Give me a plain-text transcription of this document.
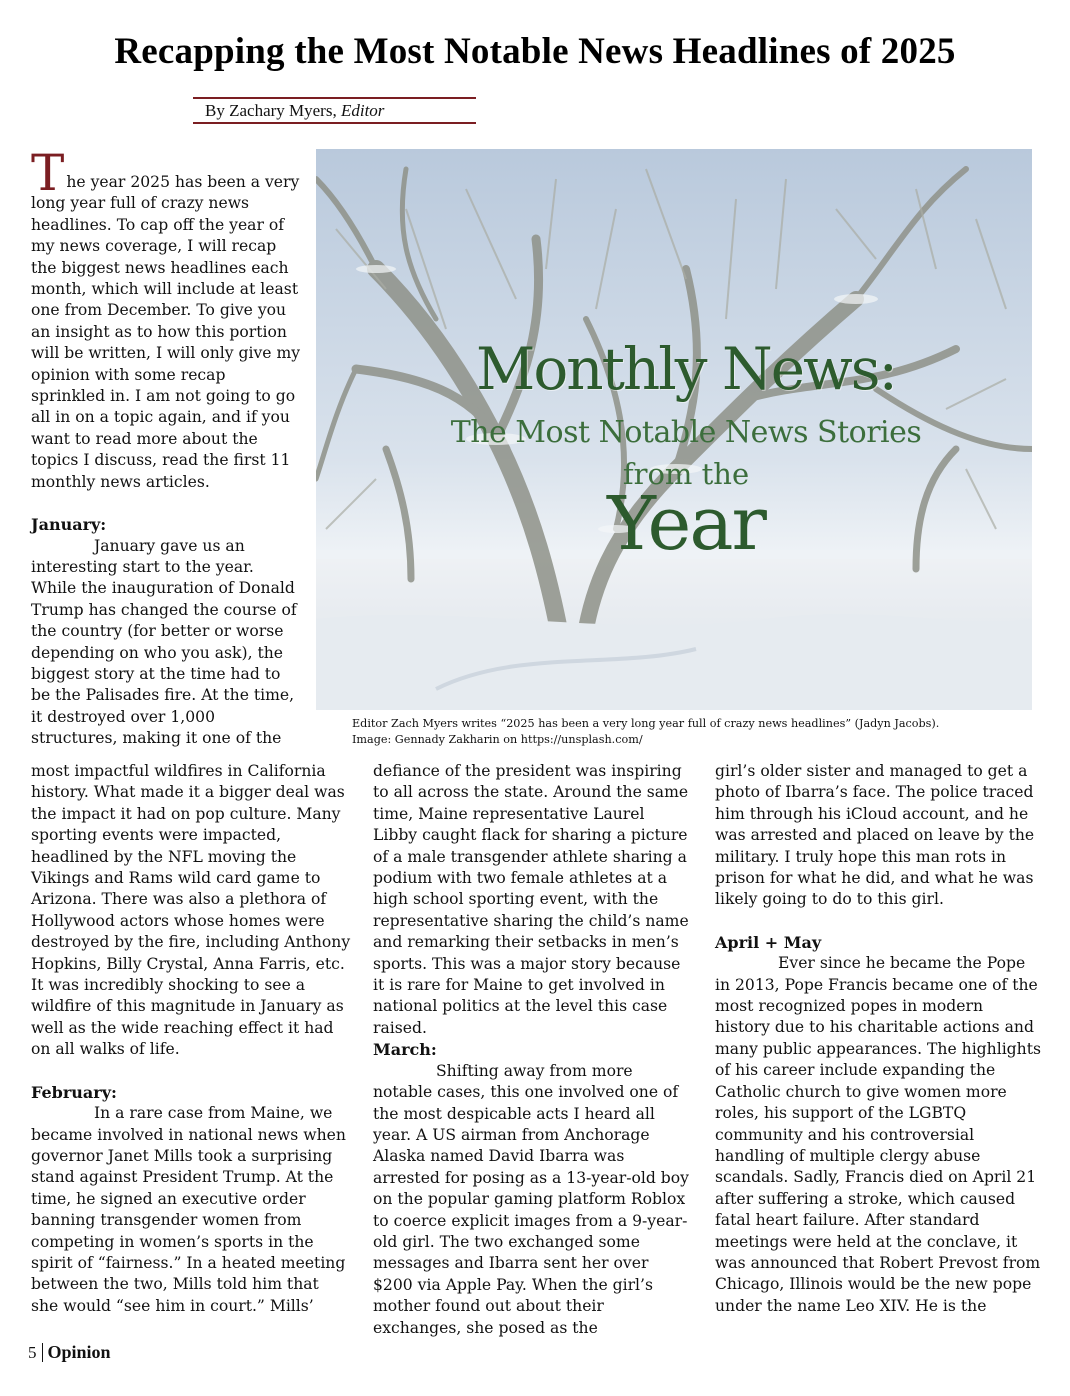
Recapping the Most Notable News Headlines of 2025
By Zachary Myers, Editor

The year 2025 has been a very long year full of crazy news headlines. To cap off the year of my news coverage, I will recap the biggest news headlines each month, which will include at least one from December. To give you an insight as to how this portion will be written, I will only give my opinion with some recap sprinkled in. I am not going to go all in on a topic again, and if you want to read more about the topics I discuss, read the first 11 monthly news articles.

January:

January gave us an interesting start to the year. While the inauguration of Donald Trump has changed the course of the country (for better or worse depending on who you ask), the biggest story at the time had to be the Palisades fire. At the time, it destroyed over 1,000 structures, making it one of the

Monthly News:
The Most Notable News Stories
from the
Year
Editor Zach Myers writes “2025 has been a very long year full of crazy news headlines” (Jadyn Jacobs).
Image: Gennady Zakharin on https://unsplash.com/

most impactful wildfires in California history. What made it a bigger deal was the impact it had on pop culture. Many sporting events were impacted, headlined by the NFL moving the Vikings and Rams wild card game to Arizona. There was also a plethora of Hollywood actors whose homes were destroyed by the fire, including Anthony Hopkins, Billy Crystal, Anna Farris, etc. It was incredibly shocking to see a wildfire of this magnitude in January as well as the wide reaching effect it had on all walks of life.

February:

In a rare case from Maine, we became involved in national news when governor Janet Mills took a surprising stand against President Trump. At the time, he signed an executive order banning transgender women from competing in women’s sports in the spirit of “fairness.” In a heated meeting between the two, Mills told him that she would “see him in court.” Mills’

defiance of the president was inspiring to all across the state. Around the same time, Maine representative Laurel Libby caught flack for sharing a picture of a male transgender athlete sharing a podium with two female athletes at a high school sporting event, with the representative sharing the child’s name and remarking their setbacks in men’s sports. This was a major story because it is rare for Maine to get involved in national politics at the level this case raised.

March:

Shifting away from more notable cases, this one involved one of the most despicable acts I heard all year. A US airman from Anchorage Alaska named David Ibarra was arrested for posing as a 13-year-old boy on the popular gaming platform Roblox to coerce explicit images from a 9-year-old girl. The two exchanged some messages and Ibarra sent her over $200 via Apple Pay. When the girl’s mother found out about their exchanges, she posed as the

girl’s older sister and managed to get a photo of Ibarra’s face. The police traced him through his iCloud account, and he was arrested and placed on leave by the military. I truly hope this man rots in prison for what he did, and what he was likely going to do to this girl.

April + May

Ever since he became the Pope in 2013, Pope Francis became one of the most recognized popes in modern history due to his charitable actions and many public appearances. The highlights of his career include expanding the Catholic church to give women more roles, his support of the LGBTQ community and his controversial handling of multiple clergy abuse scandals. Sadly, Francis died on April 21 after suffering a stroke, which caused fatal heart failure. After standard meetings were held at the conclave, it was announced that Robert Prevost from Chicago, Illinois would be the new pope under the name Leo XIV. He is the

5 Opinion
